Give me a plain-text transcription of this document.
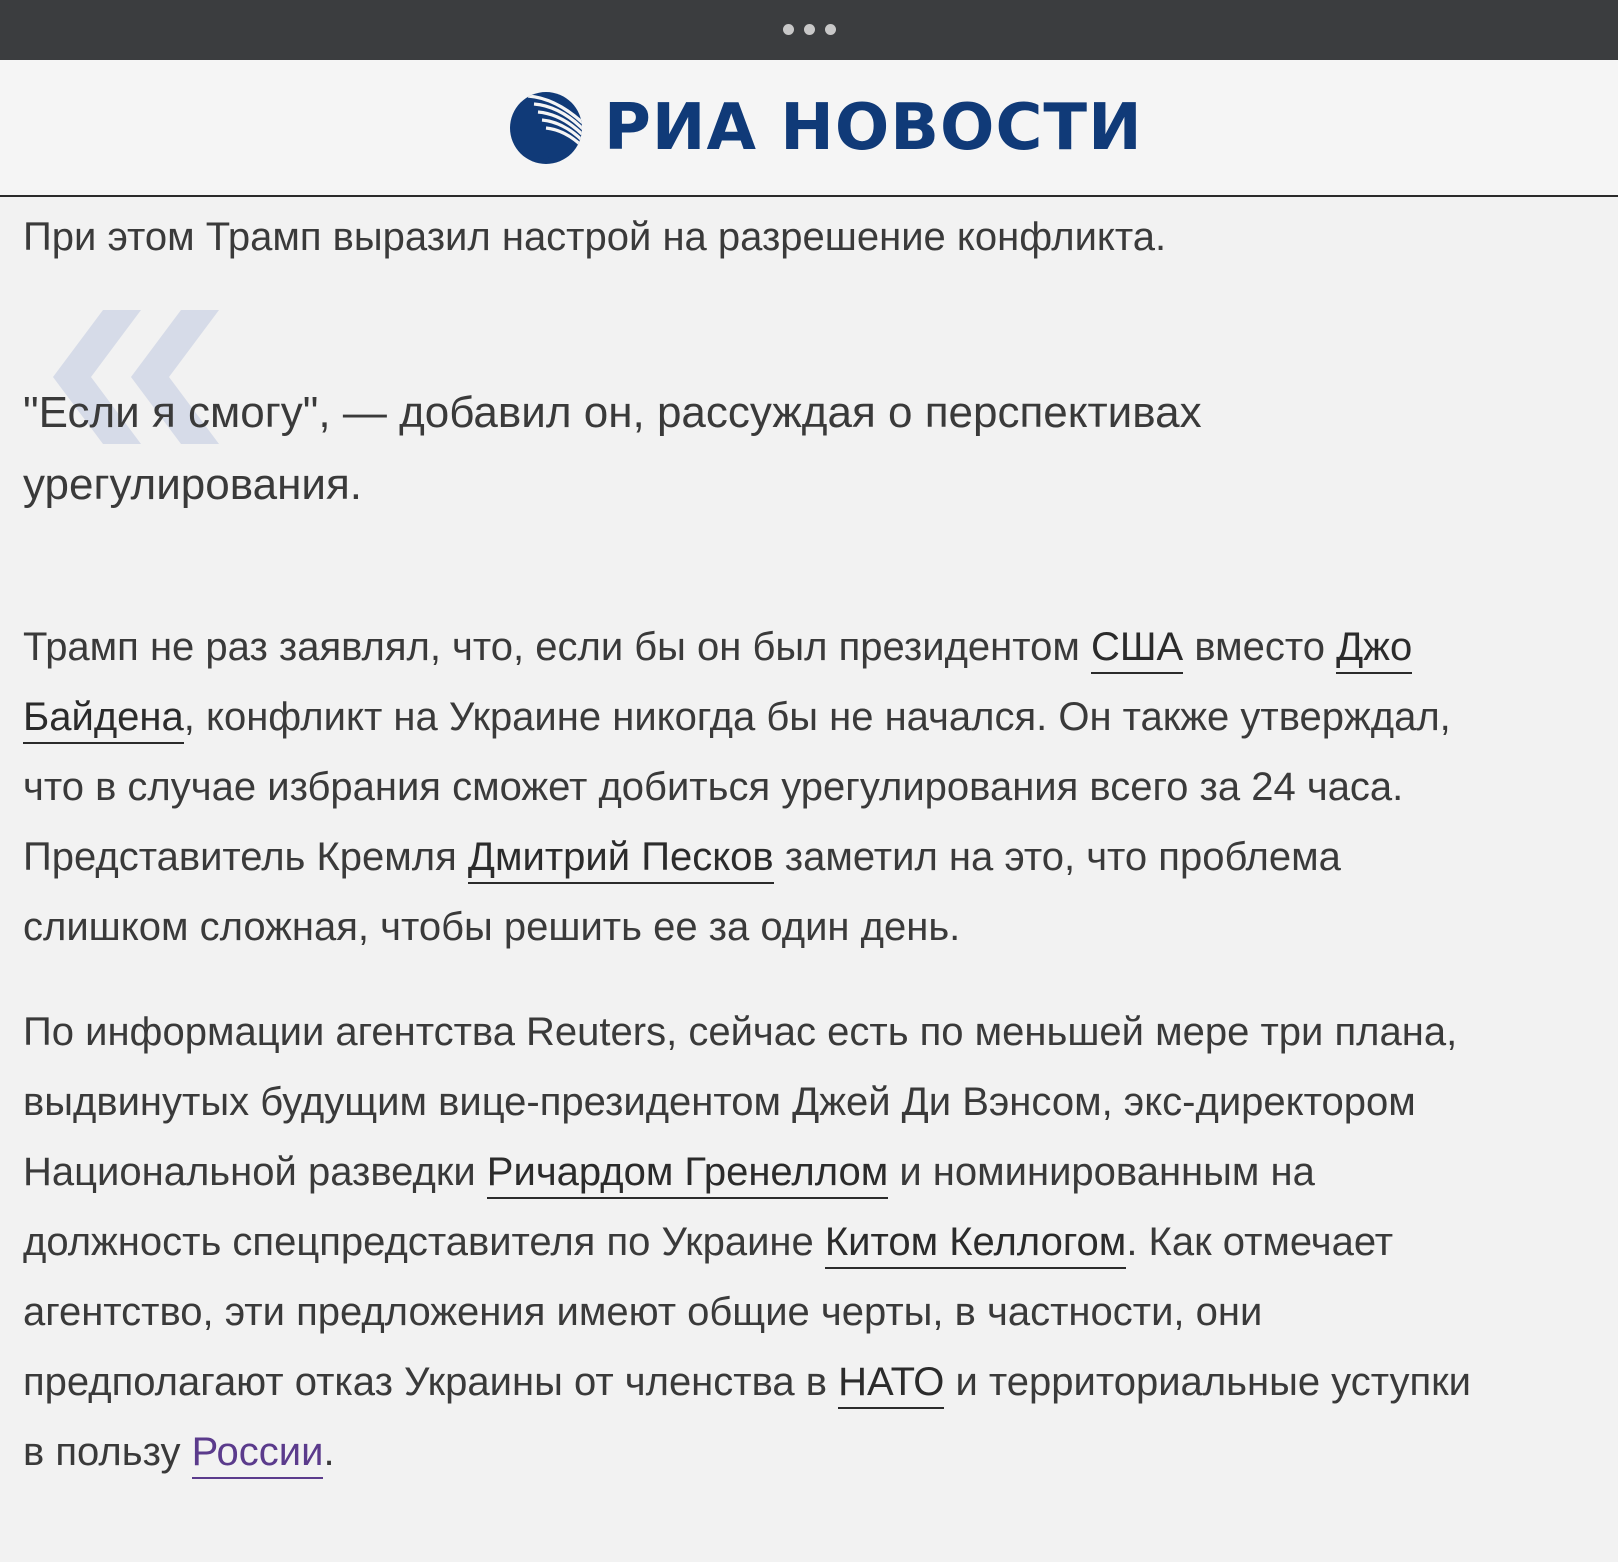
РИА НОВОСТИ

При этом Трамп выразил настрой на разрешение конфликта.

"Если я смогу", — добавил он, рассуждая о перспективах
урегулирования.

Трамп не раз заявлял, что, если бы он был президентом США вместо Джо

Байдена, конфликт на Украине никогда бы не начался. Он также утверждал,

что в случае избрания сможет добиться урегулирования всего за 24 часа.

Представитель Кремля Дмитрий Песков заметил на это, что проблема

слишком сложная, чтобы решить ее за один день.

По информации агентства Reuters, сейчас есть по меньшей мере три плана,

выдвинутых будущим вице-президентом Джей Ди Вэнсом, экс-директором

Национальной разведки Ричардом Гренеллом и номинированным на

должность спецпредставителя по Украине Китом Келлогом. Как отмечает

агентство, эти предложения имеют общие черты, в частности, они

предполагают отказ Украины от членства в НАТО и территориальные уступки

в пользу России.
